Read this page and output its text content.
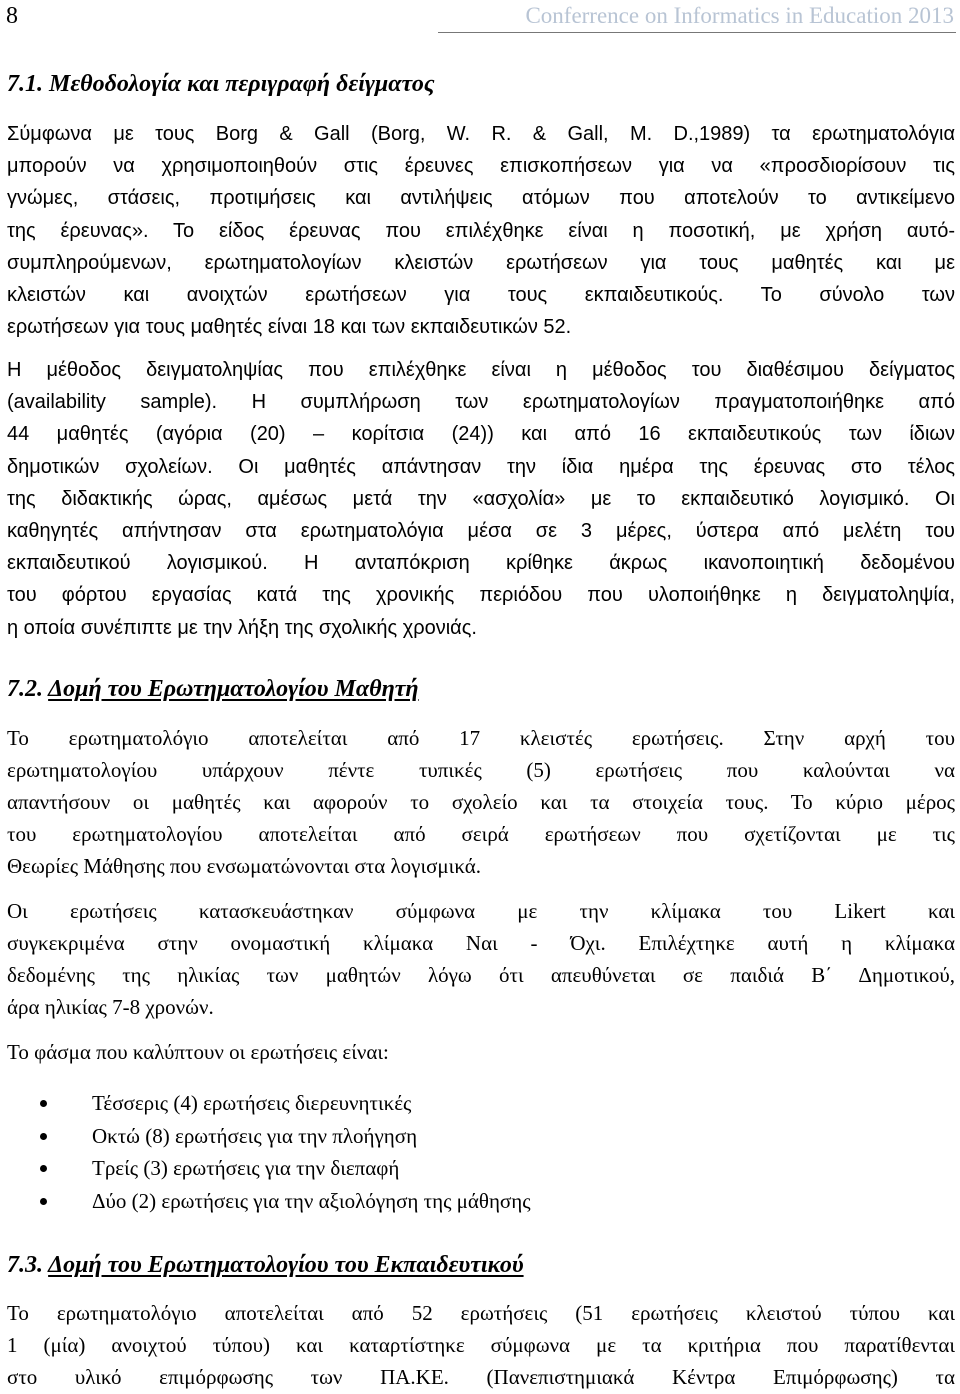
8	Conferrence on Informatics in Education 2013
7.1. Μεθοδολογία και περιγραφή δείγματος
Σύμφωνα με τους Borg & Gall (Borg, W. R. & Gall, M. D.,1989) τα ερωτηματολόγια
μπορούν να χρησιμοποιηθούν στις έρευνες επισκοπήσεων για να «προσδιορίσουν τις
γνώμες, στάσεις, προτιμήσεις και αντιλήψεις ατόμων που αποτελούν το αντικείμενο
της έρευνας». Το είδος έρευνας που επιλέχθηκε είναι η ποσοτική, με χρήση αυτό-
συμπληρούμενων, ερωτηματολογίων κλειστών ερωτήσεων για τους μαθητές και με
κλειστών και ανοιχτών ερωτήσεων για τους εκπαιδευτικούς. Το σύνολο των
ερωτήσεων για τους μαθητές είναι 18 και των εκπαιδευτικών 52.
Η μέθοδος δειγματοληψίας που επιλέχθηκε είναι η μέθοδος του διαθέσιμου δείγματος
(availability sample). Η συμπλήρωση των ερωτηματολογίων πραγματοποιήθηκε από
44 μαθητές (αγόρια (20) – κορίτσια (24)) και από 16 εκπαιδευτικούς των ίδιων
δημοτικών σχολείων. Οι μαθητές απάντησαν την ίδια ημέρα της έρευνας στο τέλος
της διδακτικής ώρας, αμέσως μετά την «ασχολία» με το εκπαιδευτικό λογισμικό. Οι
καθηγητές απήντησαν στα ερωτηματολόγια μέσα σε 3 μέρες, ύστερα από μελέτη του
εκπαιδευτικού λογισμικού. Η ανταπόκριση κρίθηκε άκρως ικανοποιητική δεδομένου
του φόρτου εργασίας κατά της χρονικής περιόδου που υλοποιήθηκε η δειγματοληψία,
η οποία συνέπιπτε με την λήξη της σχολικής χρονιάς.
7.2. Δομή του Ερωτηματολογίου Μαθητή
Το ερωτηματολόγιο αποτελείται από 17 κλειστές ερωτήσεις. Στην αρχή του
ερωτηματολογίου υπάρχουν πέντε τυπικές (5) ερωτήσεις που καλούνται να
απαντήσουν οι μαθητές και αφορούν το σχολείο και τα στοιχεία τους. Το κύριο μέρος
του ερωτηματολογίου αποτελείται από σειρά ερωτήσεων που σχετίζονται με τις
Θεωρίες Μάθησης που ενσωματώνονται στα λογισμικά.
Οι ερωτήσεις κατασκευάστηκαν σύμφωνα με την κλίμακα του Likert και
συγκεκριμένα στην ονομαστική κλίμακα Ναι - Όχι. Επιλέχτηκε αυτή η κλίμακα
δεδομένης της ηλικίας των μαθητών λόγω ότι απευθύνεται σε παιδιά Β΄ Δημοτικού,
άρα ηλικίας 7-8 χρονών.
Το φάσμα που καλύπτουν οι ερωτήσεις είναι:
Τέσσερις (4) ερωτήσεις διερευνητικές
Οκτώ (8) ερωτήσεις για την πλοήγηση
Τρείς (3) ερωτήσεις για την διεπαφή
Δύο (2) ερωτήσεις για την αξιολόγηση της μάθησης
7.3. Δομή του Ερωτηματολογίου του Εκπαιδευτικού
Το ερωτηματολόγιο αποτελείται από 52 ερωτήσεις (51 ερωτήσεις κλειστού τύπου και
1 (μία) ανοιχτού τύπου) και καταρτίστηκε σύμφωνα με τα κριτήρια που παρατίθενται
στο υλικό επιμόρφωσης των ΠΑ.ΚΕ. (Πανεπιστημιακά Κέντρα Επιμόρφωσης) τα
